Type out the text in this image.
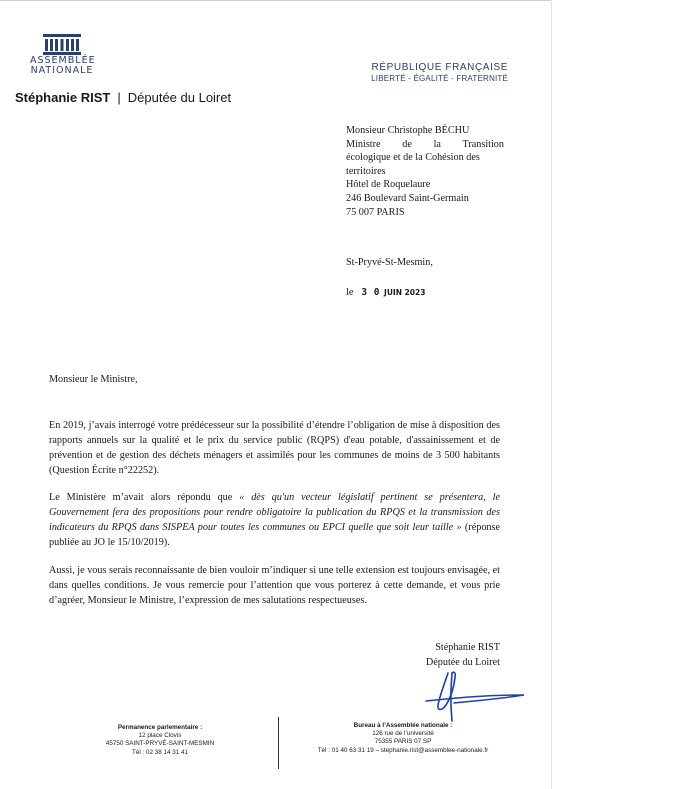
ASSEMBLÉE
NATIONALE
Stéphanie RIST | Députée du Loiret
RÉPUBLIQUE FRANÇAISE
LIBERTÉ - ÉGALITÉ - FRATERNITÉ
Monsieur Christophe BÉCHU
Ministre de la Transition
écologique et de la Cohésion des
territoires
Hôtel de Roquelaure
246 Boulevard Saint-Germain
75 007 PARIS
St-Pryvé-St-Mesmin,
le 3 0 JUIN 2023
Monsieur le Ministre,
En 2019, j’avais interrogé votre prédécesseur sur la possibilité d’étendre l’obligation de mise à disposition des rapports annuels sur la qualité et le prix du service public (RQPS) d'eau potable, d'assainissement et de prévention et de gestion des déchets ménagers et assimilés pour les communes de moins de 3 500 habitants (Question Écrite n°22252).
Le Ministère m’avait alors répondu que « dès qu'un vecteur législatif pertinent se présentera, le Gouvernement fera des propositions pour rendre obligatoire la publication du RPQS et la transmission des indicateurs du RPQS dans SISPEA pour toutes les communes ou EPCI quelle que soit leur taille » (réponse publiée au JO le 15/10/2019).
Aussi, je vous serais reconnaissante de bien vouloir m’indiquer si une telle extension est toujours envisagée, et dans quelles conditions. Je vous remercie pour l’attention que vous porterez à cette demande, et vous prie d’agréer, Monsieur le Ministre, l’expression de mes salutations respectueuses.
Stéphanie RIST
Députée du Loiret
Permanence parlementaire :
12 place Clovis
45750 SAINT-PRYVÉ-SAINT-MESMIN
Tél : 02 38 14 31 41
Bureau à l’Assemblée nationale :
126 rue de l’université
75355 PARIS 07 SP
Tél : 01 40 63 31 19 – stephanie.rist@assemblee-nationale.fr
